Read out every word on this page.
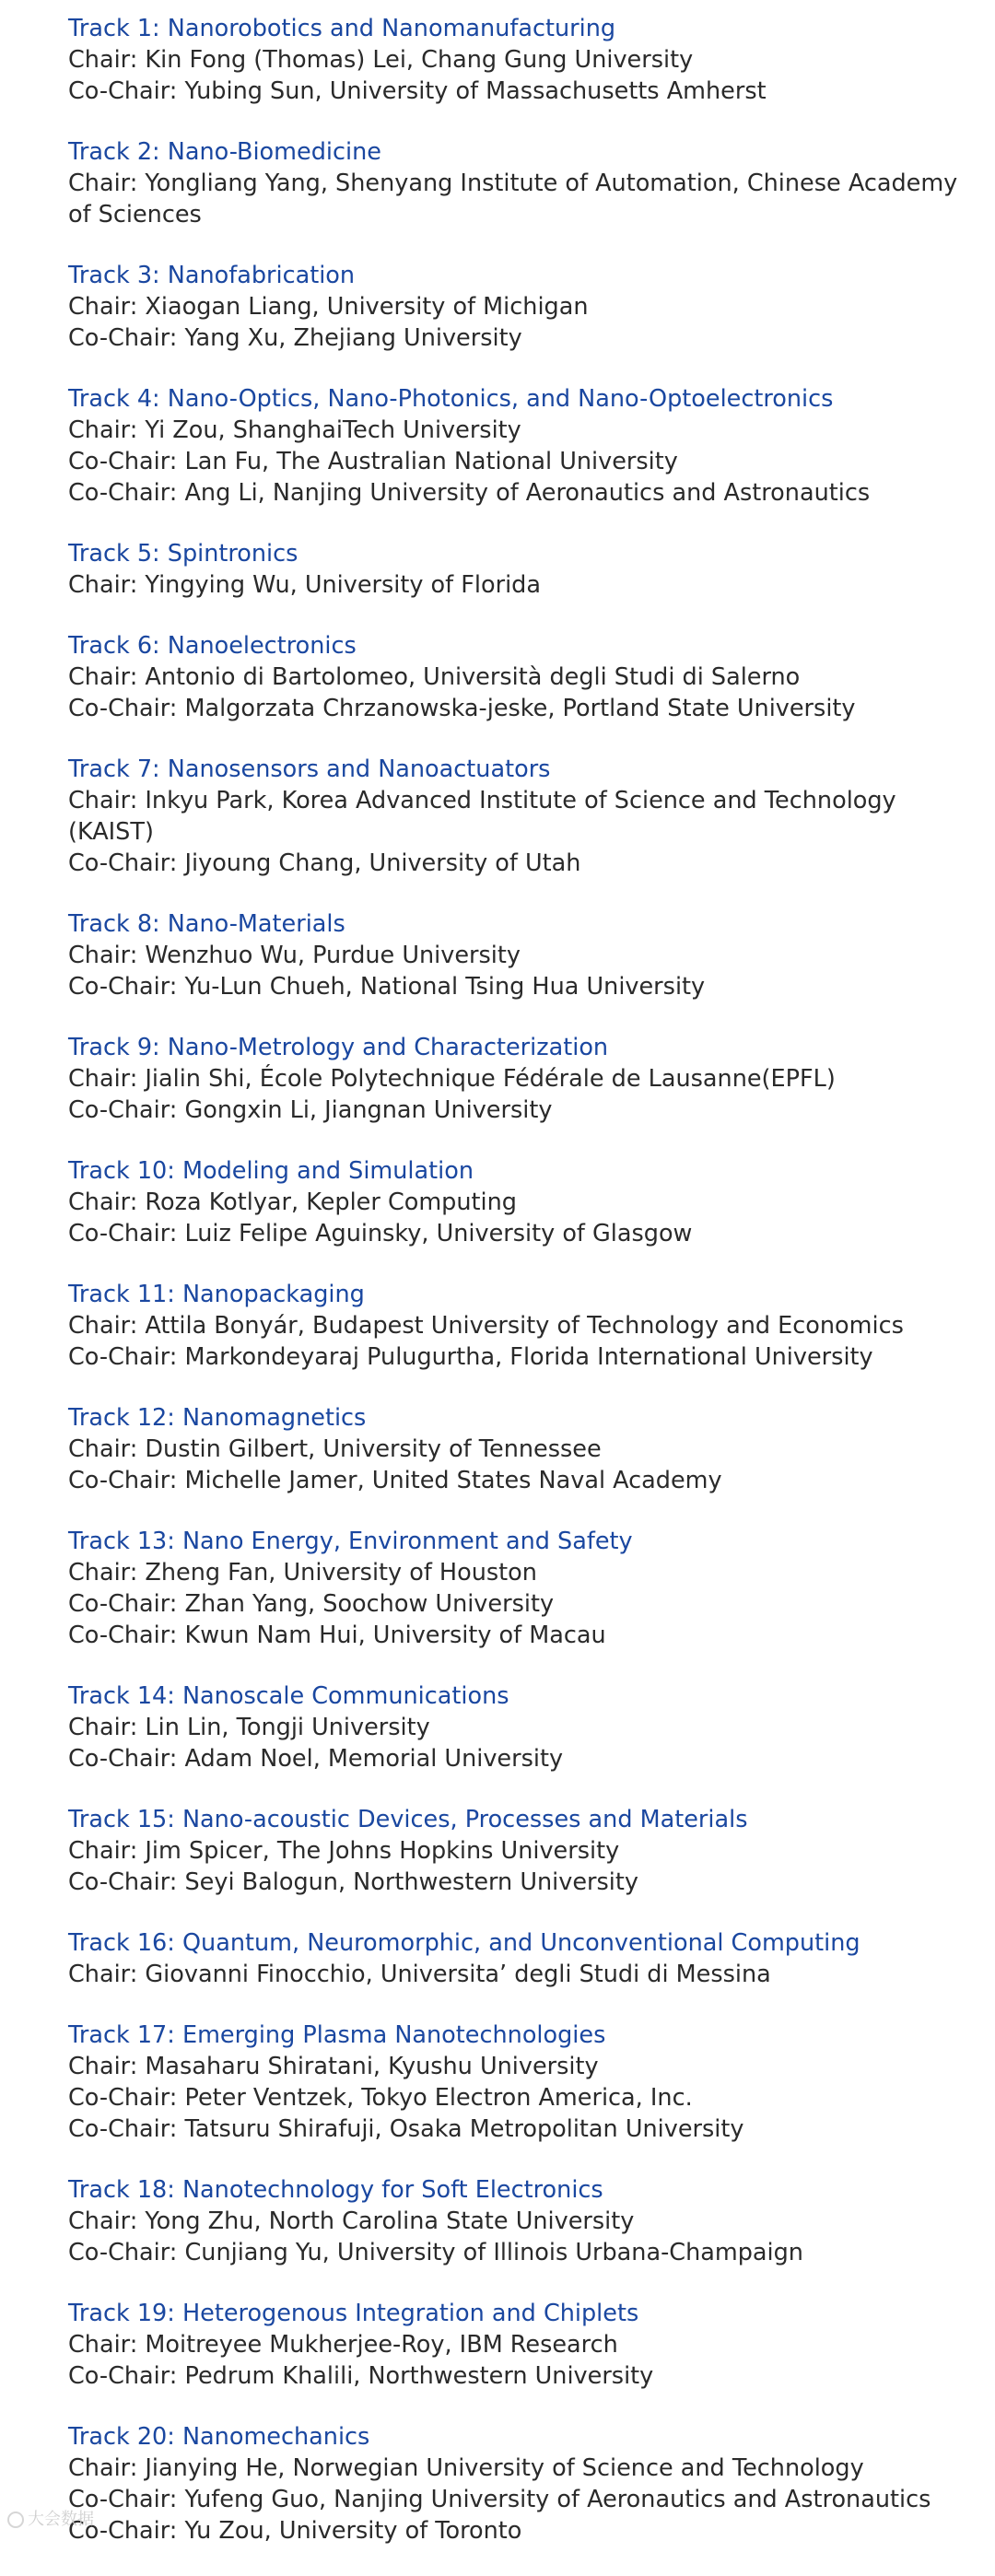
Track 1: Nanorobotics and Nanomanufacturing
Chair: Kin Fong (Thomas) Lei, Chang Gung University
Co-Chair: Yubing Sun, University of Massachusetts Amherst
Track 2: Nano-Biomedicine
Chair: Yongliang Yang, Shenyang Institute of Automation, Chinese Academy of Sciences
Track 3: Nanofabrication
Chair: Xiaogan Liang, University of Michigan
Co-Chair: Yang Xu, Zhejiang University
Track 4: Nano-Optics, Nano-Photonics, and Nano-Optoelectronics
Chair: Yi Zou, ShanghaiTech University
Co-Chair: Lan Fu, The Australian National University
Co-Chair: Ang Li, Nanjing University of Aeronautics and Astronautics
Track 5: Spintronics
Chair: Yingying Wu, University of Florida
Track 6: Nanoelectronics
Chair: Antonio di Bartolomeo, Università degli Studi di Salerno
Co-Chair: Malgorzata Chrzanowska-jeske, Portland State University
Track 7: Nanosensors and Nanoactuators
Chair: Inkyu Park, Korea Advanced Institute of Science and Technology (KAIST)
Co-Chair: Jiyoung Chang, University of Utah
Track 8: Nano-Materials
Chair: Wenzhuo Wu, Purdue University
Co-Chair: Yu-Lun Chueh, National Tsing Hua University
Track 9: Nano-Metrology and Characterization
Chair: Jialin Shi, École Polytechnique Fédérale de Lausanne(EPFL)
Co-Chair: Gongxin Li, Jiangnan University
Track 10: Modeling and Simulation
Chair: Roza Kotlyar, Kepler Computing
Co-Chair: Luiz Felipe Aguinsky, University of Glasgow
Track 11: Nanopackaging
Chair: Attila Bonyár, Budapest University of Technology and Economics
Co-Chair: Markondeyaraj Pulugurtha, Florida International University
Track 12: Nanomagnetics
Chair: Dustin Gilbert, University of Tennessee
Co-Chair: Michelle Jamer, United States Naval Academy
Track 13: Nano Energy, Environment and Safety
Chair: Zheng Fan, University of Houston
Co-Chair: Zhan Yang, Soochow University
Co-Chair: Kwun Nam Hui, University of Macau
Track 14: Nanoscale Communications
Chair: Lin Lin, Tongji University
Co-Chair: Adam Noel, Memorial University
Track 15: Nano-acoustic Devices, Processes and Materials
Chair: Jim Spicer, The Johns Hopkins University
Co-Chair: Seyi Balogun, Northwestern University
Track 16: Quantum, Neuromorphic, and Unconventional Computing
Chair: Giovanni Finocchio, Universita’ degli Studi di Messina
Track 17: Emerging Plasma Nanotechnologies
Chair: Masaharu Shiratani, Kyushu University
Co-Chair: Peter Ventzek, Tokyo Electron America, Inc.
Co-Chair: Tatsuru Shirafuji, Osaka Metropolitan University
Track 18: Nanotechnology for Soft Electronics
Chair: Yong Zhu, North Carolina State University
Co-Chair: Cunjiang Yu, University of Illinois Urbana-Champaign
Track 19: Heterogenous Integration and Chiplets
Chair: Moitreyee Mukherjee-Roy, IBM Research
Co-Chair: Pedrum Khalili, Northwestern University
Track 20: Nanomechanics
Chair: Jianying He, Norwegian University of Science and Technology
Co-Chair: Yufeng Guo, Nanjing University of Aeronautics and Astronautics
Co-Chair: Yu Zou, University of Toronto
大会数据
